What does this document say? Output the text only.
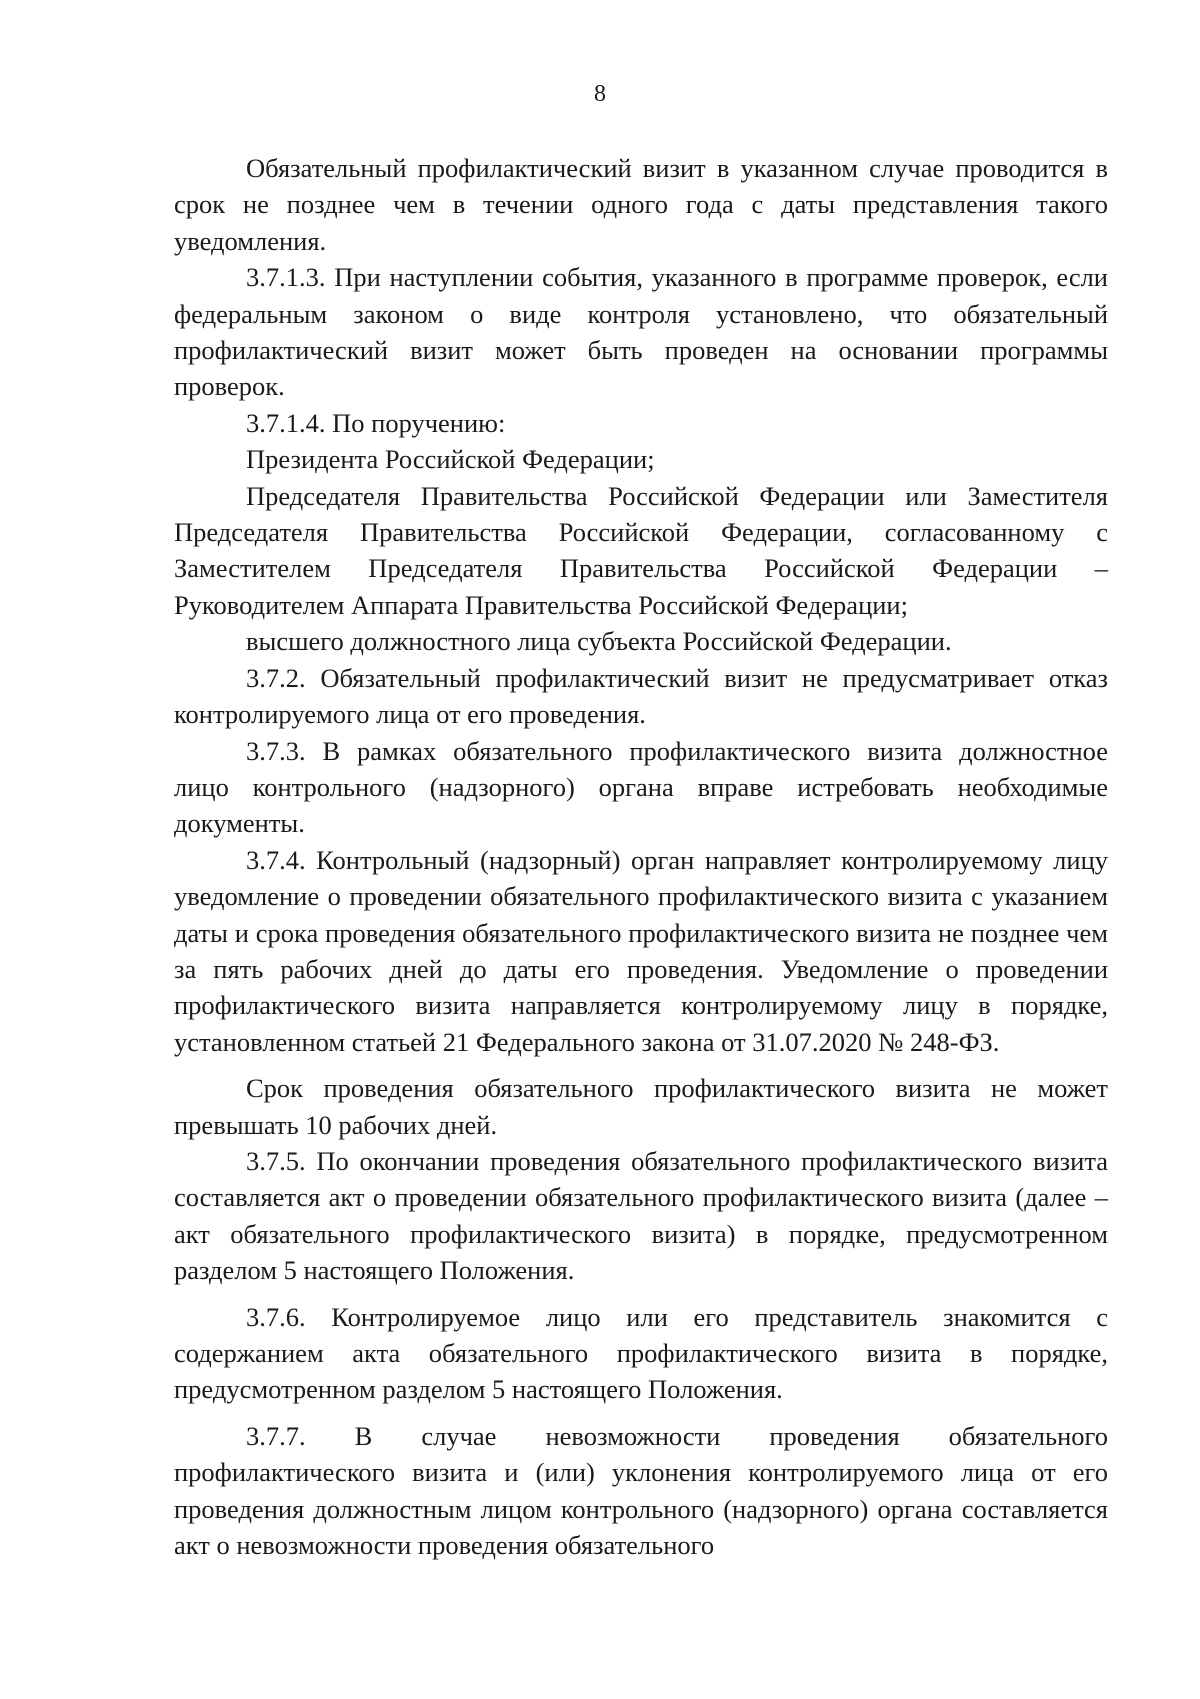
8

Обязательный профилактический визит в указанном случае проводится в срок не позднее чем в течении одного года с даты представления такого уведомления.

3.7.1.3. При наступлении события, указанного в программе проверок, если федеральным законом о виде контроля установлено, что обязательный профилактический визит может быть проведен на основании программы проверок.

3.7.1.4. По поручению:

Президента Российской Федерации;

Председателя Правительства Российской Федерации или Заместителя Председателя Правительства Российской Федерации, согласованному с Заместителем Председателя Правительства Российской Федерации – Руководителем Аппарата Правительства Российской Федерации;

высшего должностного лица субъекта Российской Федерации.

3.7.2. Обязательный профилактический визит не предусматривает отказ контролируемого лица от его проведения.

3.7.3. В рамках обязательного профилактического визита должностное лицо контрольного (надзорного) органа вправе истребовать необходимые документы.

3.7.4. Контрольный (надзорный) орган направляет контролируемому лицу уведомление о проведении обязательного профилактического визита с указанием даты и срока проведения обязательного профилактического визита не позднее чем за пять рабочих дней до даты его проведения. Уведомление о проведении профилактического визита направляется контролируемому лицу в порядке, установленном статьей 21 Федерального закона от 31.07.2020 № 248-ФЗ.

Срок проведения обязательного профилактического визита не может превышать 10 рабочих дней.

3.7.5. По окончании проведения обязательного профилактического визита составляется акт о проведении обязательного профилактического визита (далее – акт обязательного профилактического визита) в порядке, предусмотренном разделом 5 настоящего Положения.

3.7.6. Контролируемое лицо или его представитель знакомится с содержанием акта обязательного профилактического визита в порядке, предусмотренном разделом 5 настоящего Положения.

3.7.7. В случае невозможности проведения обязательного профилактического визита и (или) уклонения контролируемого лица от его проведения должностным лицом контрольного (надзорного) органа составляется акт о невозможности проведения обязательного
